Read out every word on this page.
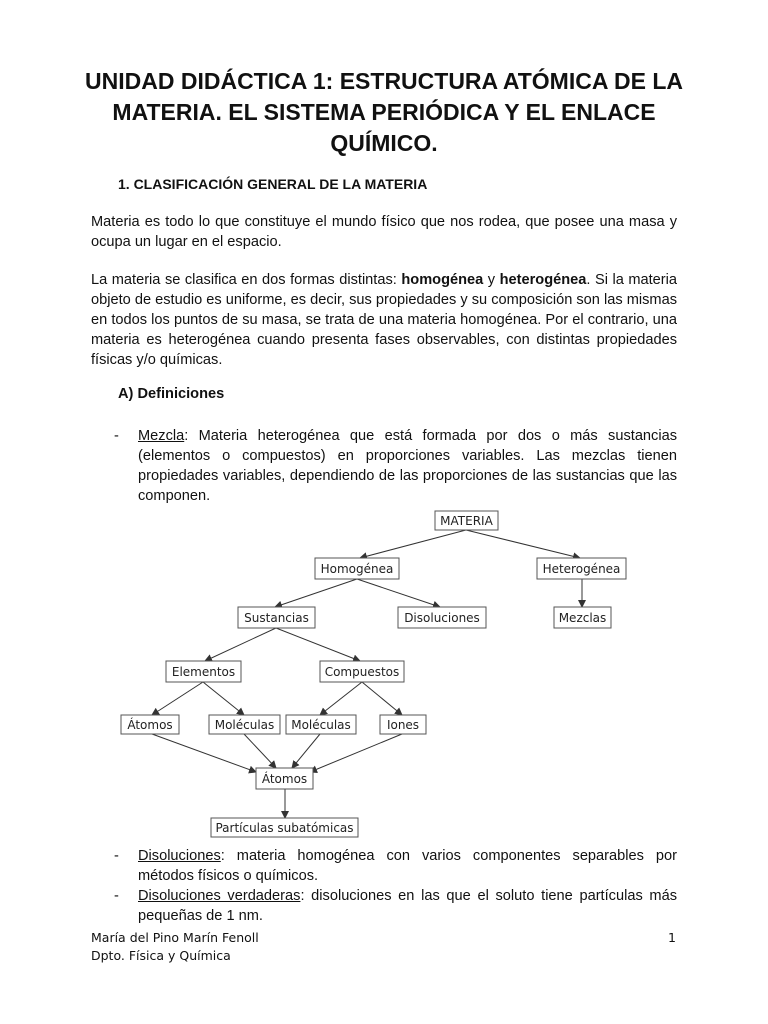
UNIDAD DIDÁCTICA 1: ESTRUCTURA ATÓMICA DE LA MATERIA. EL SISTEMA PERIÓDICA Y EL ENLACE QUÍMICO.
1. CLASIFICACIÓN GENERAL DE LA MATERIA

Materia es todo lo que constituye el mundo físico que nos rodea, que posee una masa y ocupa un lugar en el espacio.

La materia se clasifica en dos formas distintas: homogénea y heterogénea. Si la materia objeto de estudio es uniforme, es decir, sus propiedades y su composición son las mismas en todos los puntos de su masa, se trata de una materia homogénea. Por el contrario, una materia es heterogénea cuando presenta fases observables, con distintas propiedades físicas y/o químicas.

A) Definiciones
- Mezcla: Materia heterogénea que está formada por dos o más sustancias (elementos o compuestos) en proporciones variables. Las mezclas tienen propiedades variables, dependiendo de las proporciones de las sustancias que las componen.

MATERIA
Homogénea	Heterogénea
Sustancias	Disoluciones	Mezclas
Elementos	Compuestos
Átomos	Moléculas Moléculas	Iones
Átomos
Partículas subatómicas
- Disoluciones: materia homogénea con varios componentes separables por métodos físicos o químicos.

- Disoluciones verdaderas: disoluciones en las que el soluto tiene partículas más pequeñas de 1 nm.

María del Pino Marín Fenoll
Dpto. Física y Química
1
